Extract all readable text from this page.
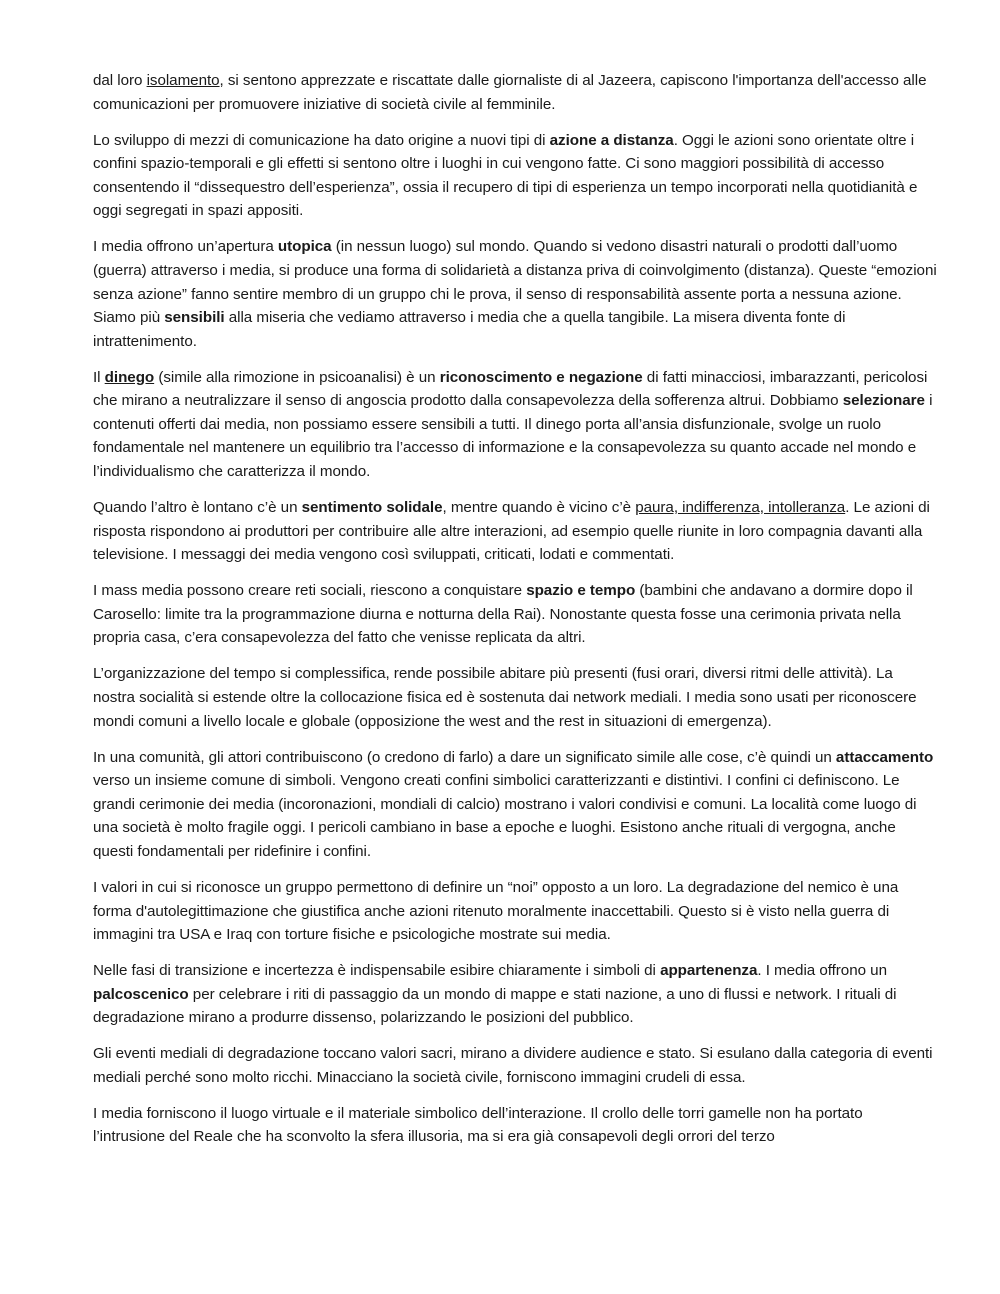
dal loro isolamento, si sentono apprezzate e riscattate dalle giornaliste di al Jazeera, capiscono l'importanza dell'accesso alle comunicazioni per promuovere iniziative di società civile al femminile.

Lo sviluppo di mezzi di comunicazione ha dato origine a nuovi tipi di azione a distanza. Oggi le azioni sono orientate oltre i confini spazio-temporali e gli effetti si sentono oltre i luoghi in cui vengono fatte. Ci sono maggiori possibilità di accesso consentendo il “dissequestro dell’esperienza”, ossia il recupero di tipi di esperienza un tempo incorporati nella quotidianità e oggi segregati in spazi appositi.

I media offrono un’apertura utopica (in nessun luogo) sul mondo. Quando si vedono disastri naturali o prodotti dall’uomo (guerra) attraverso i media, si produce una forma di solidarietà a distanza priva di coinvolgimento (distanza). Queste “emozioni senza azione” fanno sentire membro di un gruppo chi le prova, il senso di responsabilità assente porta a nessuna azione. Siamo più sensibili alla miseria che vediamo attraverso i media che a quella tangibile. La misera diventa fonte di intrattenimento.

Il dinego (simile alla rimozione in psicoanalisi) è un riconoscimento e negazione di fatti minacciosi, imbarazzanti, pericolosi che mirano a neutralizzare il senso di angoscia prodotto dalla consapevolezza della sofferenza altrui. Dobbiamo selezionare i contenuti offerti dai media, non possiamo essere sensibili a tutti. Il dinego porta all’ansia disfunzionale, svolge un ruolo fondamentale nel mantenere un equilibrio tra l’accesso di informazione e la consapevolezza su quanto accade nel mondo e l’individualismo che caratterizza il mondo.

Quando l’altro è lontano c’è un sentimento solidale, mentre quando è vicino c’è paura, indifferenza, intolleranza. Le azioni di risposta rispondono ai produttori per contribuire alle altre interazioni, ad esempio quelle riunite in loro compagnia davanti alla televisione. I messaggi dei media vengono così sviluppati, criticati, lodati e commentati.

I mass media possono creare reti sociali, riescono a conquistare spazio e tempo (bambini che andavano a dormire dopo il Carosello: limite tra la programmazione diurna e notturna della Rai). Nonostante questa fosse una cerimonia privata nella propria casa, c’era consapevolezza del fatto che venisse replicata da altri.

L’organizzazione del tempo si complessifica, rende possibile abitare più presenti (fusi orari, diversi ritmi delle attività). La nostra socialità si estende oltre la collocazione fisica ed è sostenuta dai network mediali. I media sono usati per riconoscere mondi comuni a livello locale e globale (opposizione the west and the rest in situazioni di emergenza).

In una comunità, gli attori contribuiscono (o credono di farlo) a dare un significato simile alle cose, c’è quindi un attaccamento verso un insieme comune di simboli. Vengono creati confini simbolici caratterizzanti e distintivi. I confini ci definiscono. Le grandi cerimonie dei media (incoronazioni, mondiali di calcio) mostrano i valori condivisi e comuni. La località come luogo di una società è molto fragile oggi. I pericoli cambiano in base a epoche e luoghi. Esistono anche rituali di vergogna, anche questi fondamentali per ridefinire i confini.

I valori in cui si riconosce un gruppo permettono di definire un “noi” opposto a un loro. La degradazione del nemico è una forma d'autolegittimazione che giustifica anche azioni ritenuto moralmente inaccettabili. Questo si è visto nella guerra di immagini tra USA e Iraq con torture fisiche e psicologiche mostrate sui media.

Nelle fasi di transizione e incertezza è indispensabile esibire chiaramente i simboli di appartenenza. I media offrono un palcoscenico per celebrare i riti di passaggio da un mondo di mappe e stati nazione, a uno di flussi e network. I rituali di degradazione mirano a produrre dissenso, polarizzando le posizioni del pubblico.

Gli eventi mediali di degradazione toccano valori sacri, mirano a dividere audience e stato. Si esulano dalla categoria di eventi mediali perché sono molto ricchi. Minacciano la società civile, forniscono immagini crudeli di essa.

I media forniscono il luogo virtuale e il materiale simbolico dell’interazione. Il crollo delle torri gamelle non ha portato l’intrusione del Reale che ha sconvolto la sfera illusoria, ma si era già consapevoli degli orrori del terzo
